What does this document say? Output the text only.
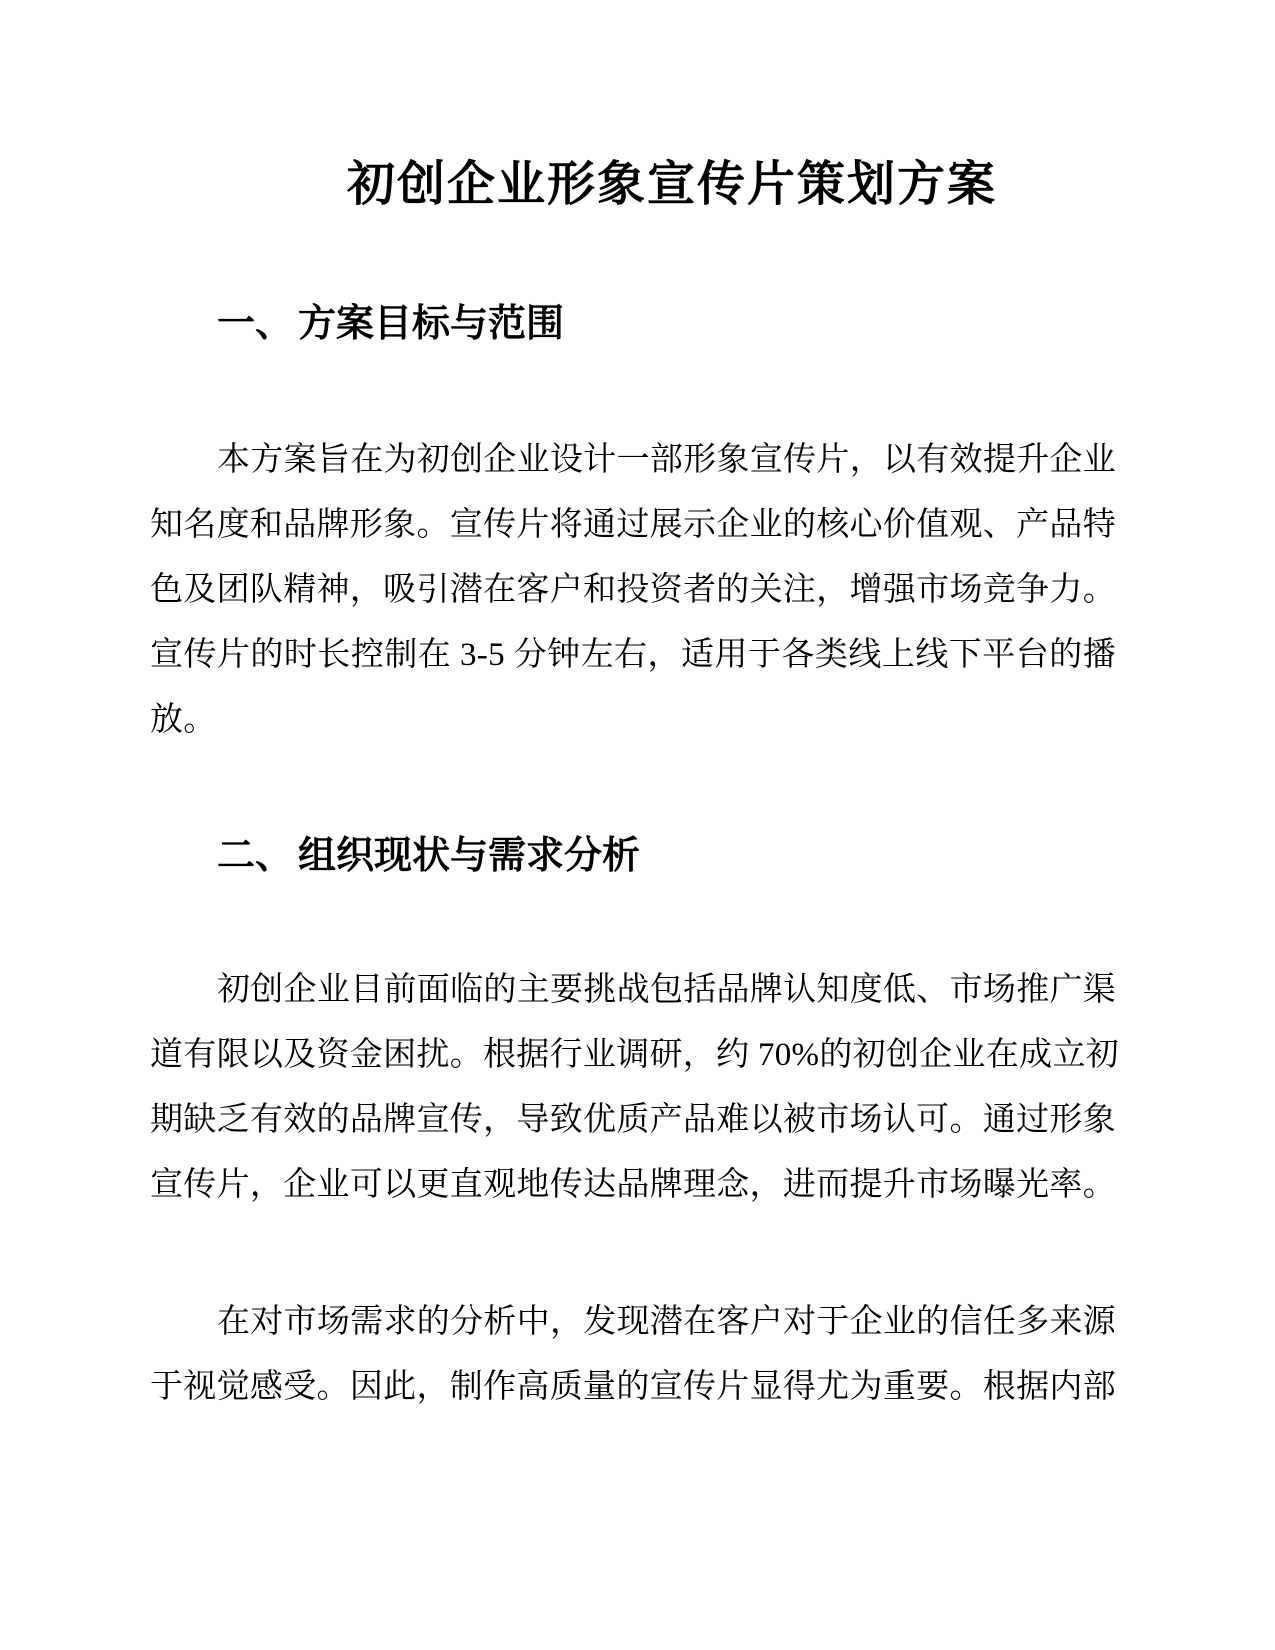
初创企业形象宣传片策划方案
一、 方案目标与范围
本方案旨在为初创企业设计一部形象宣传片，以有效提升企业
知名度和品牌形象。宣传片将通过展示企业的核心价值观、产品特
色及团队精神，吸引潜在客户和投资者的关注，增强市场竞争力。
宣传片的时长控制在 3-5 分钟左右，适用于各类线上线下平台的播
放。
二、 组织现状与需求分析
初创企业目前面临的主要挑战包括品牌认知度低、市场推广渠
道有限以及资金困扰。根据行业调研，约 70%的初创企业在成立初
期缺乏有效的品牌宣传，导致优质产品难以被市场认可。通过形象
宣传片，企业可以更直观地传达品牌理念，进而提升市场曝光率。
在对市场需求的分析中，发现潜在客户对于企业的信任多来源
于视觉感受。因此，制作高质量的宣传片显得尤为重要。根据内部
